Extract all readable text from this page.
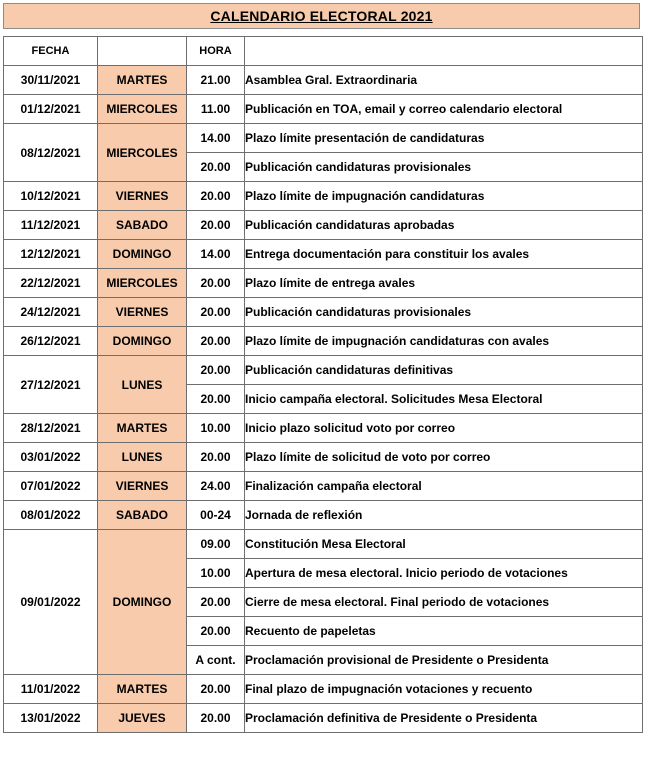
CALENDARIO ELECTORAL 2021
FECHA		HORA	
30/11/2021	MARTES	21.00	Asamblea Gral. Extraordinaria
01/12/2021	MIERCOLES	11.00	Publicación en TOA, email y correo calendario electoral
08/12/2021	MIERCOLES	14.00	Plazo límite presentación de candidaturas
		20.00	Publicación candidaturas provisionales
10/12/2021	VIERNES	20.00	Plazo límite de impugnación candidaturas
11/12/2021	SABADO	20.00	Publicación candidaturas aprobadas
12/12/2021	DOMINGO	14.00	Entrega documentación para constituir los avales
22/12/2021	MIERCOLES	20.00	Plazo límite de entrega avales
24/12/2021	VIERNES	20.00	Publicación candidaturas provisionales
26/12/2021	DOMINGO	20.00	Plazo límite de impugnación candidaturas con avales
27/12/2021	LUNES	20.00	Publicación candidaturas definitivas
		20.00	Inicio campaña electoral. Solicitudes Mesa Electoral
28/12/2021	MARTES	10.00	Inicio plazo solicitud voto por correo
03/01/2022	LUNES	20.00	Plazo límite de solicitud de voto por correo
07/01/2022	VIERNES	24.00	Finalización campaña electoral
08/01/2022	SABADO	00-24	Jornada de reflexión
09/01/2022	DOMINGO	09.00	Constitución Mesa Electoral
		10.00	Apertura de mesa electoral. Inicio periodo de votaciones
		20.00	Cierre de mesa electoral. Final periodo de votaciones
		20.00	Recuento de papeletas
		A cont.	Proclamación provisional de Presidente o Presidenta
11/01/2022	MARTES	20.00	Final plazo de impugnación votaciones y recuento
13/01/2022	JUEVES	20.00	Proclamación definitiva de Presidente o Presidenta
